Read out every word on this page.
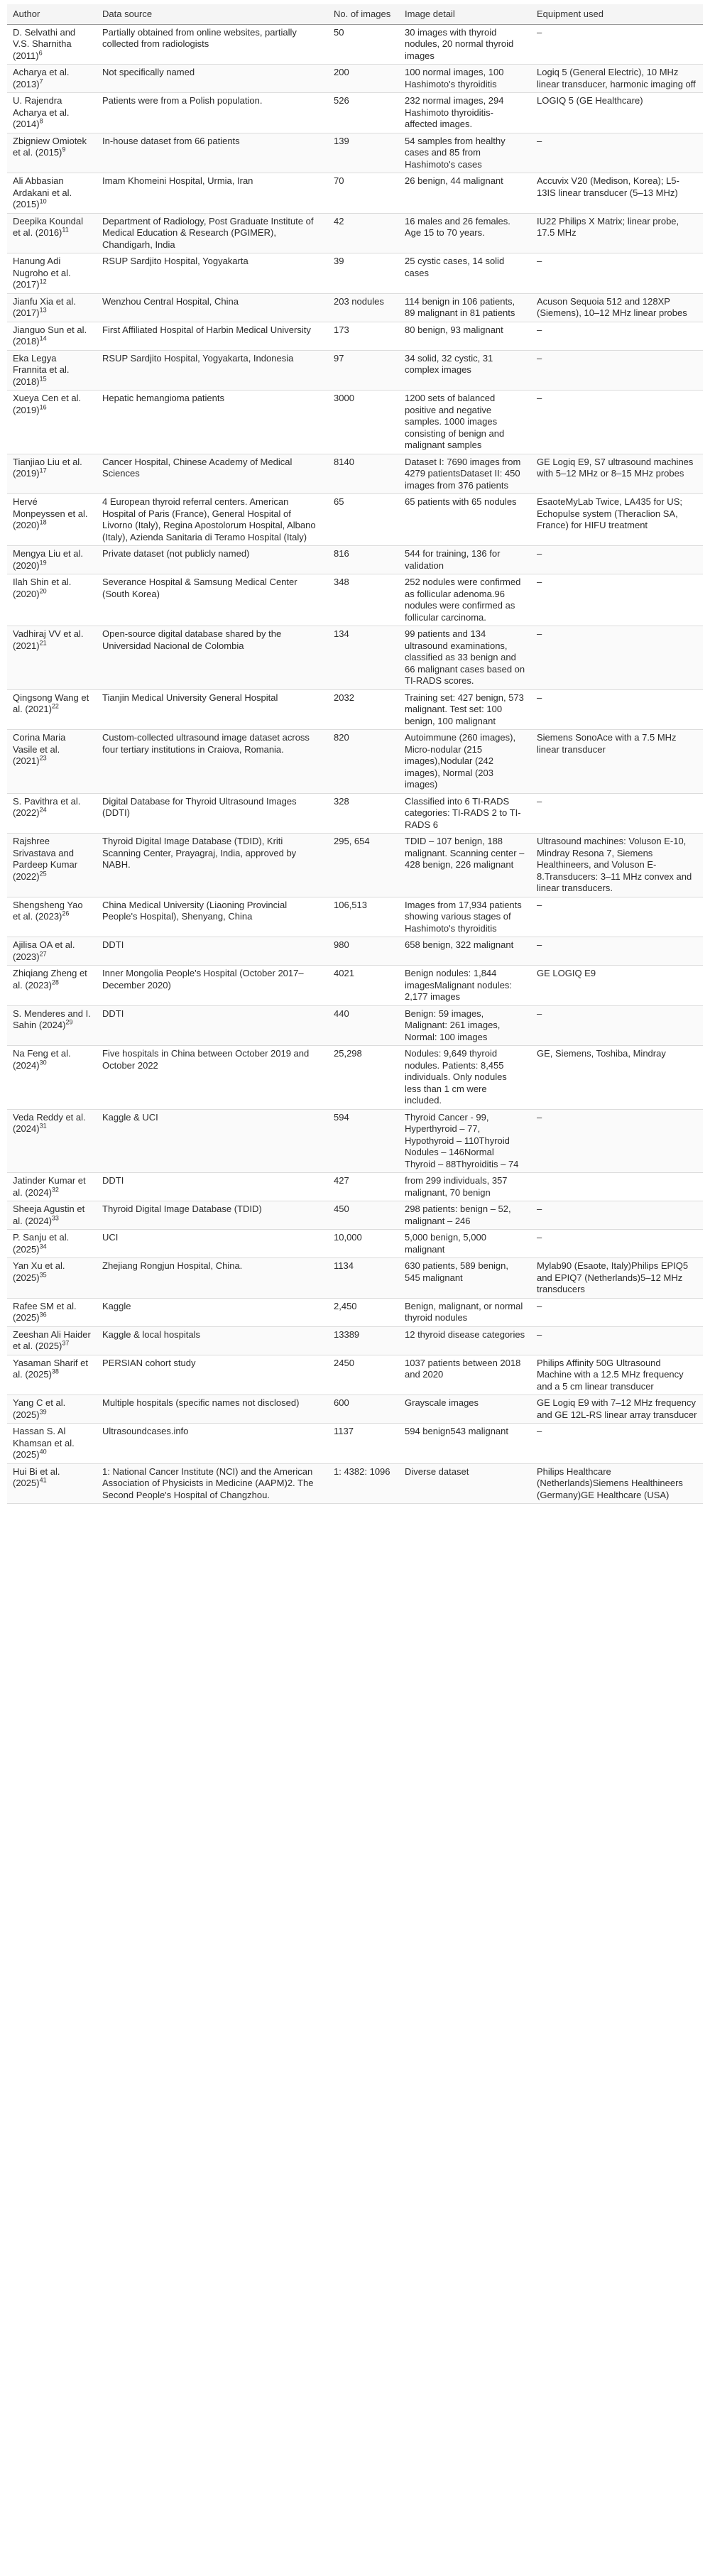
Author	Data source	No. of images	Image detail	Equipment used
D. Selvathi and V.S. Sharnitha $(2011)^6$	Partially obtained from online websites, partially collected from radiologists	50	30 images with thyroid nodules, 20 normal thyroid images	–
Acharya et al. $(2013)^7$	Not specifically named	200	100 normal images, 100 Hashimoto's thyroiditis	Logiq 5 (General Electric), 10 MHz linear transducer, harmonic imaging off
U. Rajendra Acharya et al. $(2014)^8$	Patients were from a Polish population.	526	232 normal images, 294 Hashimoto thyroiditis-affected images.	LOGIQ 5 (GE Healthcare)
Zbigniew Omiotek et al. $(2015)^9$	In-house dataset from 66 patients	139	54 samples from healthy cases and 85 from Hashimoto's cases	–
Ali Abbasian Ardakani et al. $(2015)^{10}$	Imam Khomeini Hospital, Urmia, Iran	70	26 benign, 44 malignant	Accuvix V20 (Medison, Korea); L5-13IS linear transducer (5–13 MHz)
Deepika Koundal et al. $(2016)^{11}$	Department of Radiology, Post Graduate Institute of Medical Education & Research (PGIMER), Chandigarh, India	42	16 males and 26 females. Age 15 to 70 years.	IU22 Philips X Matrix; linear probe, 17.5 MHz
Hanung Adi Nugroho et al. $(2017)^{12}$	RSUP Sardjito Hospital, Yogyakarta	39	25 cystic cases, 14 solid cases	–
Jianfu Xia et al. $(2017)^{13}$	Wenzhou Central Hospital, China	203 nodules	114 benign in 106 patients, 89 malignant in 81 patients	Acuson Sequoia 512 and 128XP (Siemens), 10–12 MHz linear probes
Jianguo Sun et al. $(2018)^{14}$	First Affiliated Hospital of Harbin Medical University	173	80 benign, 93 malignant	–
Eka Legya Frannita et al. $(2018)^{15}$	RSUP Sardjito Hospital, Yogyakarta, Indonesia	97	34 solid, 32 cystic, 31 complex images	–
Xueya Cen et al. $(2019)^{16}$	Hepatic hemangioma patients	3000	1200 sets of balanced positive and negative samples. 1000 images consisting of benign and malignant samples	–
Tianjiao Liu et al. $(2019)^{17}$	Cancer Hospital, Chinese Academy of Medical Sciences	8140	Dataset I: 7690 images from 4279 patientsDataset II: 450 images from 376 patients	GE Logiq E9, S7 ultrasound machines with 5–12 MHz or 8–15 MHz probes
Hervé Monpeyssen et al. $(2020)^{18}$	4 European thyroid referral centers. American Hospital of Paris (France), General Hospital of Livorno (Italy), Regina Apostolorum Hospital, Albano (Italy), Azienda Sanitaria di Teramo Hospital (Italy)	65	65 patients with 65 nodules	EsaoteMyLab Twice, LA435 for US; Echopulse system (Theraclion SA, France) for HIFU treatment
Mengya Liu et al. $(2020)^{19}$	Private dataset (not publicly named)	816	544 for training, 136 for validation	–
Ilah Shin et al. $(2020)^{20}$	Severance Hospital & Samsung Medical Center (South Korea)	348	252 nodules were confirmed as follicular adenoma.96 nodules were confirmed as follicular carcinoma.	–
Vadhiraj VV et al. $(2021)^{21}$	Open-source digital database shared by the Universidad Nacional de Colombia	134	99 patients and 134 ultrasound examinations, classified as 33 benign and 66 malignant cases based on TI-RADS scores.	–
Qingsong Wang et al. $(2021)^{22}$	Tianjin Medical University General Hospital	2032	Training set: 427 benign, 573 malignant. Test set: 100 benign, 100 malignant	–
Corina Maria Vasile et al. $(2021)^{23}$	Custom-collected ultrasound image dataset across four tertiary institutions in Craiova, Romania.	820	Autoimmune (260 images), Micro-nodular (215 images),Nodular (242 images), Normal (203 images)	Siemens SonoAce with a 7.5 MHz linear transducer
S. Pavithra et al. $(2022)^{24}$	Digital Database for Thyroid Ultrasound Images (DDTI)	328	Classified into 6 TI-RADS categories: TI-RADS 2 to TI-RADS 6	–
Rajshree Srivastava and Pardeep Kumar $(2022)^{25}$	Thyroid Digital Image Database (TDID), Kriti Scanning Center, Prayagraj, India, approved by NABH.	295, 654	TDID – 107 benign, 188 malignant. Scanning center – 428 benign, 226 malignant	Ultrasound machines: Voluson E-10, Mindray Resona 7, Siemens Healthineers, and Voluson E-8.Transducers: 3–11 MHz convex and linear transducers.
Shengsheng Yao et al. $(2023)^{26}$	China Medical University (Liaoning Provincial People's Hospital), Shenyang, China	106,513	Images from 17,934 patients showing various stages of Hashimoto's thyroiditis	–
Ajilisa OA et al. $(2023)^{27}$	DDTI	980	658 benign, 322 malignant	–
Zhiqiang Zheng et al. $(2023)^{28}$	Inner Mongolia People's Hospital (October 2017–December 2020)	4021	Benign nodules: 1,844 imagesMalignant nodules: 2,177 images	GE LOGIQ E9
S. Menderes and I. Sahin $(2024)^{29}$	DDTI	440	Benign: 59 images, Malignant: 261 images, Normal: 100 images	–
Na Feng et al. $(2024)^{30}$	Five hospitals in China between October 2019 and October 2022	25,298	Nodules: 9,649 thyroid nodules. Patients: 8,455 individuals. Only nodules less than 1 cm were included.	GE, Siemens, Toshiba, Mindray
Veda Reddy et al. $(2024)^{31}$	Kaggle & UCI	594	Thyroid Cancer - 99, Hyperthyroid – 77, Hypothyroid – 110Thyroid Nodules – 146Normal Thyroid – 88Thyroiditis – 74	–
Jatinder Kumar et al. $(2024)^{32}$	DDTI	427	from 299 individuals, 357 malignant, 70 benign	
Sheeja Agustin et al. $(2024)^{33}$	Thyroid Digital Image Database (TDID)	450	298 patients: benign – 52, malignant – 246	–
P. Sanju et al. $(2025)^{34}$	UCI	10,000	5,000 benign, 5,000 malignant	–
Yan Xu et al. $(2025)^{35}$	Zhejiang Rongjun Hospital, China.	1134	630 patients, 589 benign, 545 malignant	Mylab90 (Esaote, Italy)Philips EPIQ5 and EPIQ7 (Netherlands)5–12 MHz transducers
Rafee SM et al. $(2025)^{36}$	Kaggle	2,450	Benign, malignant, or normal thyroid nodules	–
Zeeshan Ali Haider et al. $(2025)^{37}$	Kaggle & local hospitals	13389	12 thyroid disease categories	–
Yasaman Sharif et al. $(2025)^{38}$	PERSIAN cohort study	2450	1037 patients between 2018 and 2020	Philips Affinity 50G Ultrasound Machine with a 12.5 MHz frequency and a 5 cm linear transducer
Yang C et al. $(2025)^{39}$	Multiple hospitals (specific names not disclosed)	600	Grayscale images	GE Logiq E9 with 7–12 MHz frequency and GE 12L-RS linear array transducer
Hassan S. Al Khamsan et al. $(2025)^{40}$	Ultrasoundcases.info	1137	594 benign543 malignant	–
Hui Bi et al. $(2025)^{41}$	1: National Cancer Institute (NCI) and the American Association of Physicists in Medicine (AAPM)2. The Second People's Hospital of Changzhou.	1: 4382: 1096	Diverse dataset	Philips Healthcare (Netherlands)Siemens Healthineers (Germany)GE Healthcare (USA)
